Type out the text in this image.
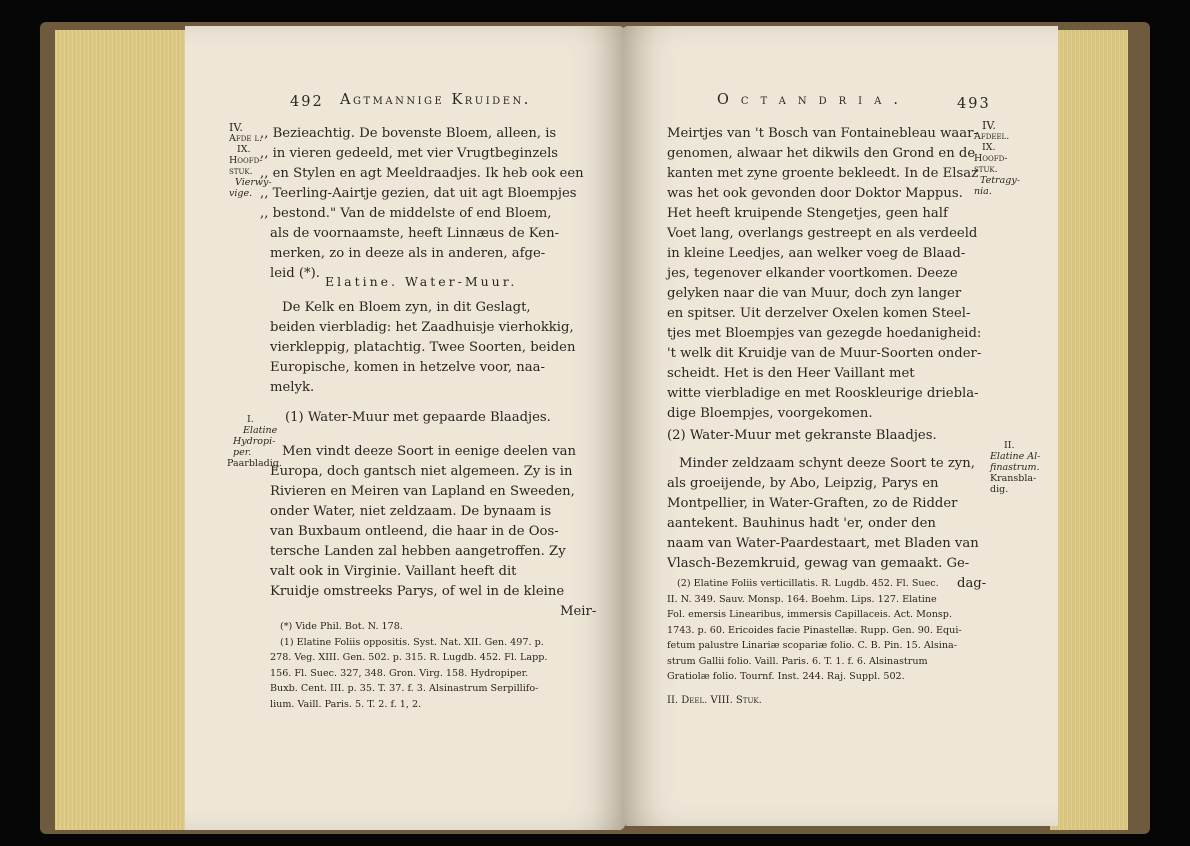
492 Agtmannige Kruiden.
IV.
Afde l.
IX.
Hoofd-
stuk.
Vierwy-
vige.
,, Bezieachtig. De bovenste Bloem, alleen, is
,, in vieren gedeeld, met vier Vrugtbeginzels
,, en Stylen en agt Meeldraadjes. Ik heb ook een
,, Teerling-Aairtje gezien, dat uit agt Bloempjes
,, bestond." Van de middelste of end Bloem,
als de voornaamste, heeft Linnæus de Ken-
merken, zo in deeze als in anderen, afge-
leid (*).
Elatine. Water-Muur.
De Kelk en Bloem zyn, in dit Geslagt,
beiden vierbladig: het Zaadhuisje vierhokkig,
vierkleppig, platachtig. Twee Soorten, beiden
Europische, komen in hetzelve voor, naa-
melyk.
(1) Water-Muur met gepaarde Blaadjes.
I.
Elatine
Hydropi-
per.
Paarbladig.
Men vindt deeze Soort in eenige deelen van
Europa, doch gantsch niet algemeen. Zy is in
Rivieren en Meiren van Lapland en Sweeden,
onder Water, niet zeldzaam. De bynaam is
van Buxbaum ontleend, die haar in de Oos-
tersche Landen zal hebben aangetroffen. Zy
valt ook in Virginie. Vaillant heeft dit
Kruidje omstreeks Parys, of wel in de kleine
Meir-
(*) Vide Phil. Bot. N. 178.
(1) Elatine Foliis oppositis. Syst. Nat. XII. Gen. 497. p.
278. Veg. XIII. Gen. 502. p. 315. R. Lugdb. 452. Fl. Lapp.
156. Fl. Suec. 327, 348. Gron. Virg. 158. Hydropiper.
Buxb. Cent. III. p. 35. T. 37. f. 3. Alsinastrum Serpillifo-
lium. Vaill. Paris. 5. T. 2. f. 1, 2.
Octandria.	493
Meirtjes van 't Bosch van Fontainebleau waar-
genomen, alwaar het dikwils den Grond en de
kanten met zyne groente bekleedt. In de Elsaz
was het ook gevonden door Doktor Mappus.
Het heeft kruipende Stengetjes, geen half
Voet lang, overlangs gestreept en als verdeeld
in kleine Leedjes, aan welker voeg de Blaad-
jes, tegenover elkander voortkomen. Deeze
gelyken naar die van Muur, doch zyn langer
en spitser. Uit derzelver Oxelen komen Steel-
tjes met Bloempjes van gezegde hoedanigheid:
't welk dit Kruidje van de Muur-Soorten onder-
scheidt. Het is den Heer Vaillant met
witte vierbladige en met Rooskleurige driebla-
dige Bloempjes, voorgekomen.
IV.
Afdeel.
IX.
Hoofd-
stuk.
Tetragy-
nia.
(2) Water-Muur met gekranste Blaadjes.
II.
Elatine Al-
finastrum.
Kransbla-
dig.
Minder zeldzaam schynt deeze Soort te zyn,
als groeijende, by Abo, Leipzig, Parys en
Montpellier, in Water-Graften, zo de Ridder
aantekent. Bauhinus hadt 'er, onder den
naam van Water-Paardestaart, met Bladen van
Vlasch-Bezemkruid, gewag van gemaakt. Ge-
dag-
(2) Elatine Foliis verticillatis. R. Lugdb. 452. Fl. Suec.
II. N. 349. Sauv. Monsp. 164. Boehm. Lips. 127. Elatine
Fol. emersis Linearibus, immersis Capillaceis. Act. Monsp.
1743. p. 60. Ericoides facie Pinastellæ. Rupp. Gen. 90. Equi-
fetum palustre Linariæ scopariæ folio. C. B. Pin. 15. Alsina-
strum Gallii folio. Vaill. Paris. 6. T. 1. f. 6. Alsinastrum
Gratiolæ folio. Tournf. Inst. 244. Raj. Suppl. 502.
II. Deel. VIII. Stuk.
